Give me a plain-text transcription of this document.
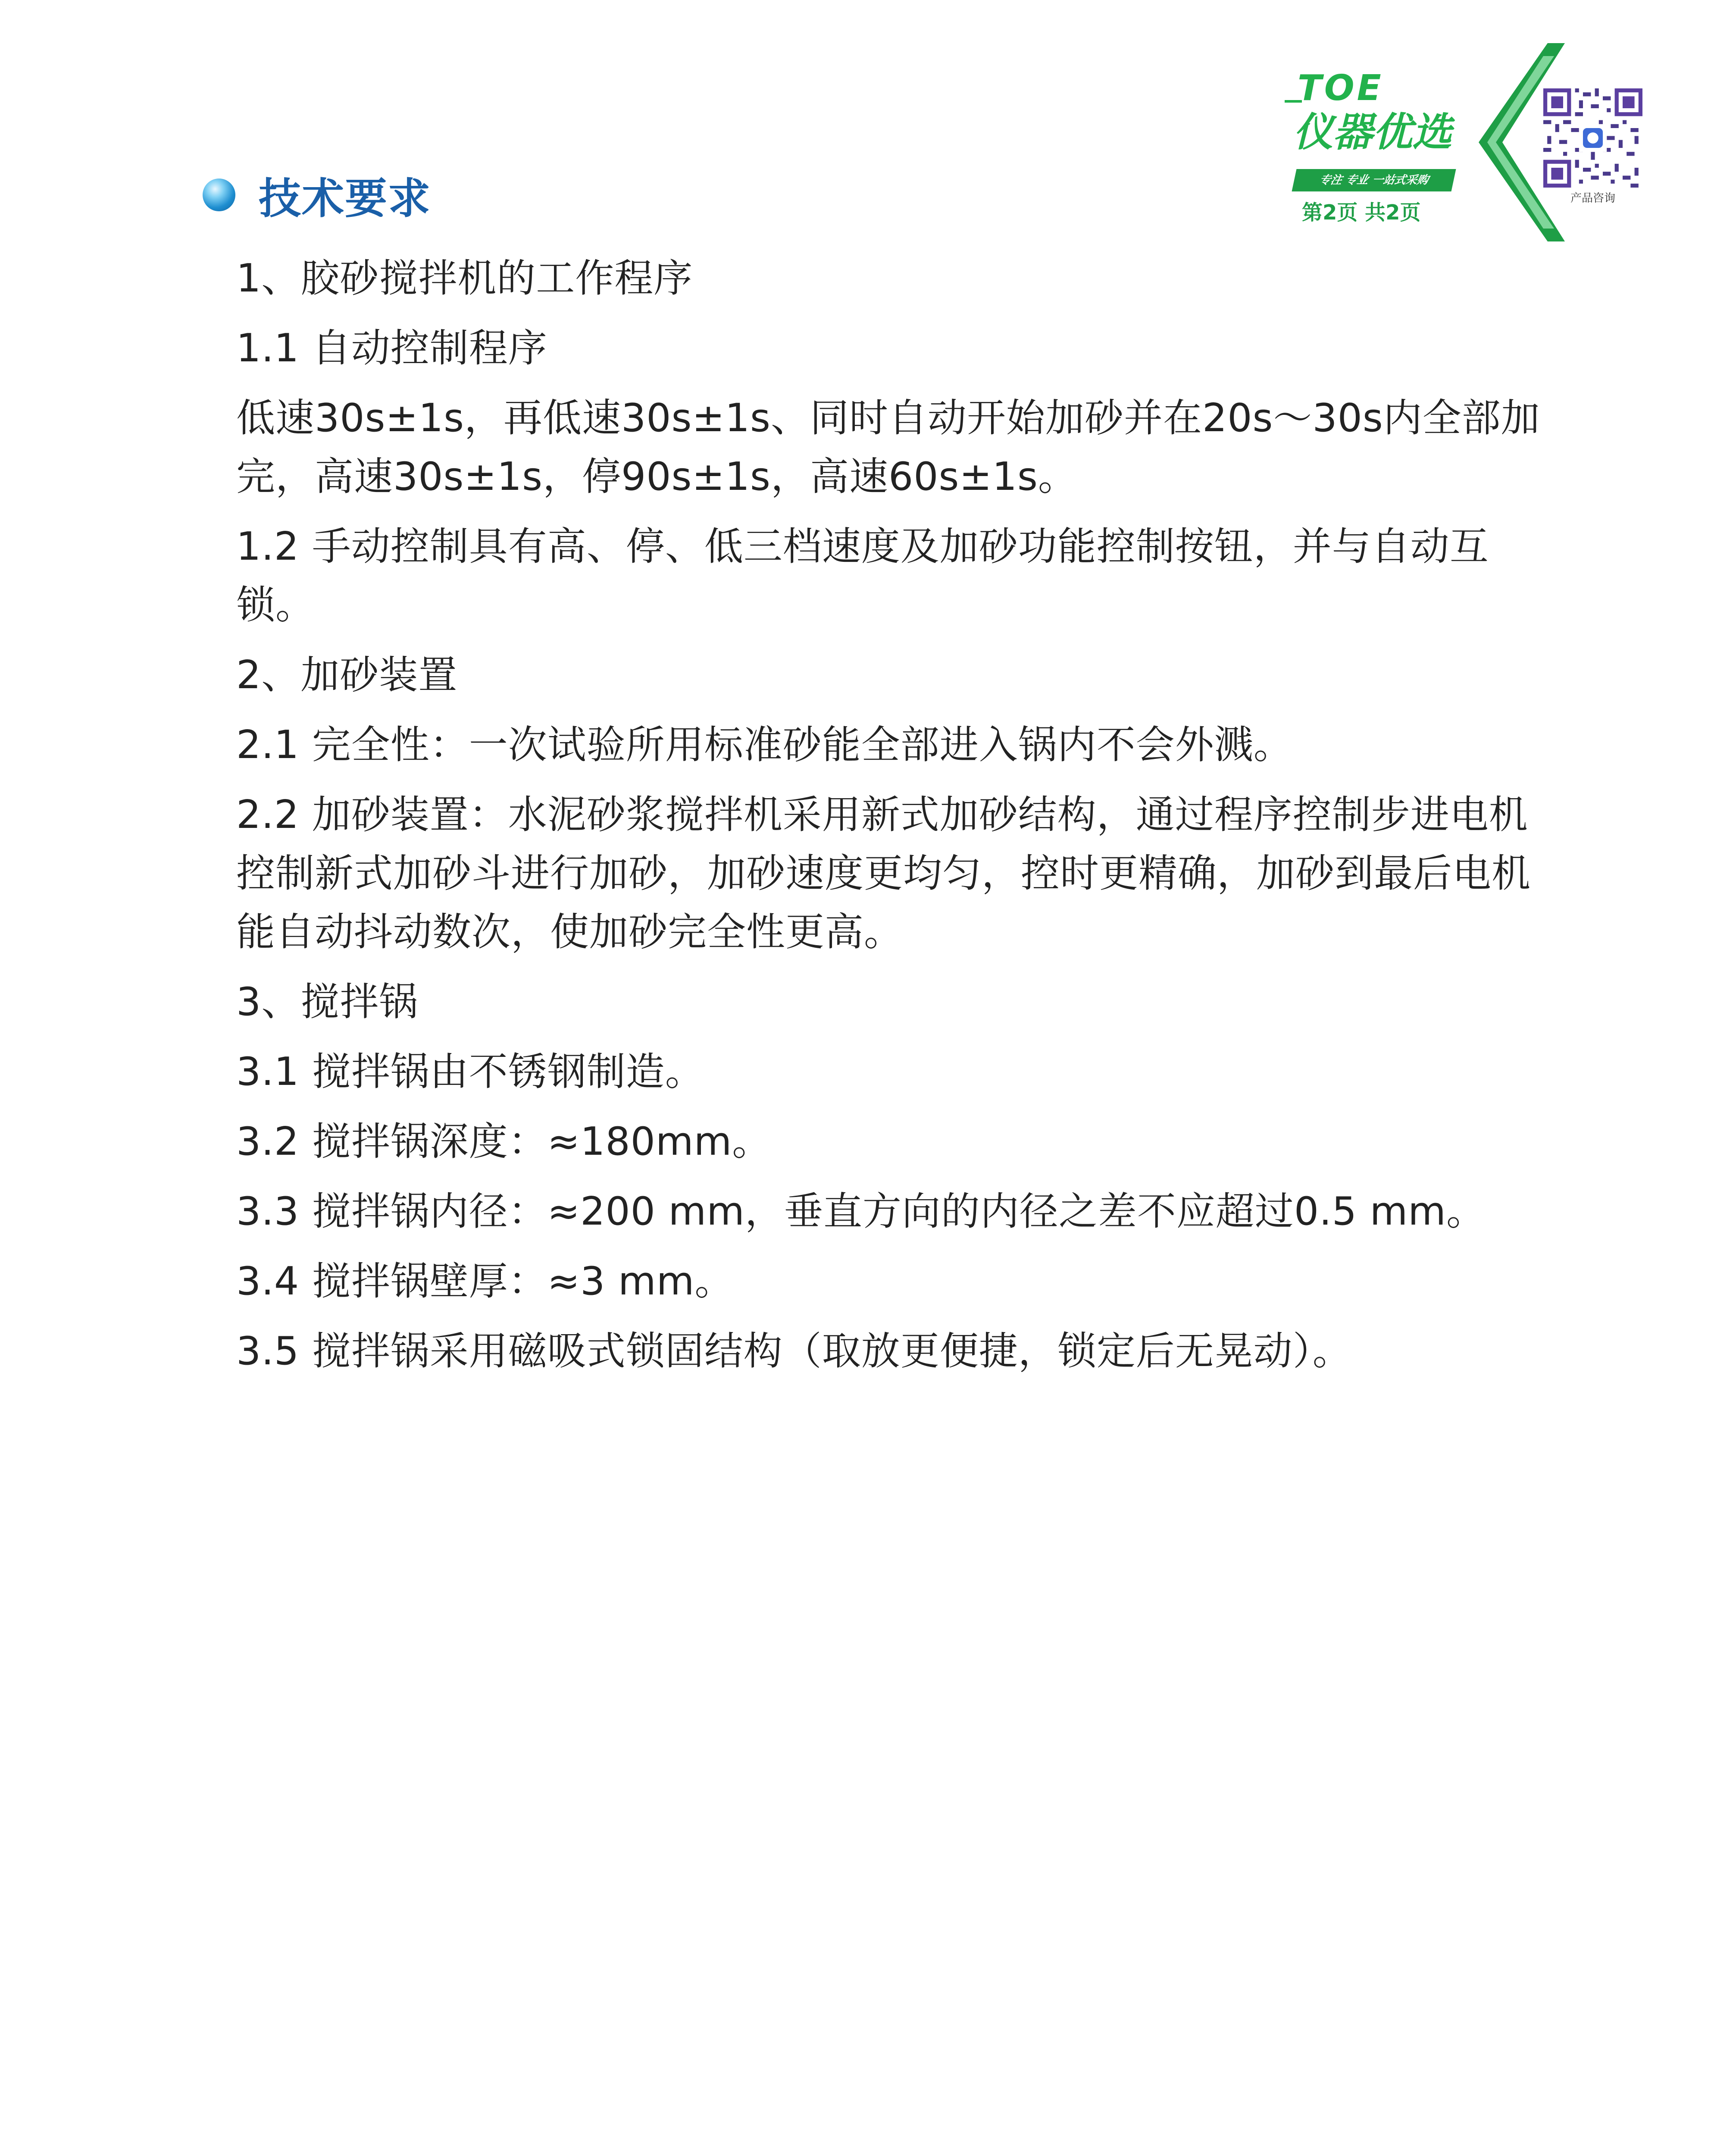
TOE
仪器优选
专注 专业 一站式采购
第2页 共2页
产品咨询
技术要求

1、胶砂搅拌机的工作程序

1.1 自动控制程序

低速30s±1s，再低速30s±1s、同时自动开始加砂并在20s～30s内全部加完，高速30s±1s，停90s±1s，高速60s±1s。

1.2 手动控制具有高、停、低三档速度及加砂功能控制按钮，并与自动互锁。

2、加砂装置

2.1 完全性：一次试验所用标准砂能全部进入锅内不会外溅。

2.2 加砂装置：水泥砂浆搅拌机采用新式加砂结构，通过程序控制步进电机控制新式加砂斗进行加砂，加砂速度更均匀，控时更精确，加砂到最后电机能自动抖动数次，使加砂完全性更高。

3、搅拌锅

3.1 搅拌锅由不锈钢制造。

3.2 搅拌锅深度：≈180mm。

3.3 搅拌锅内径：≈200 mm，垂直方向的内径之差不应超过0.5 mm。

3.4 搅拌锅壁厚：≈3 mm。

3.5 搅拌锅采用磁吸式锁固结构（取放更便捷，锁定后无晃动）。
